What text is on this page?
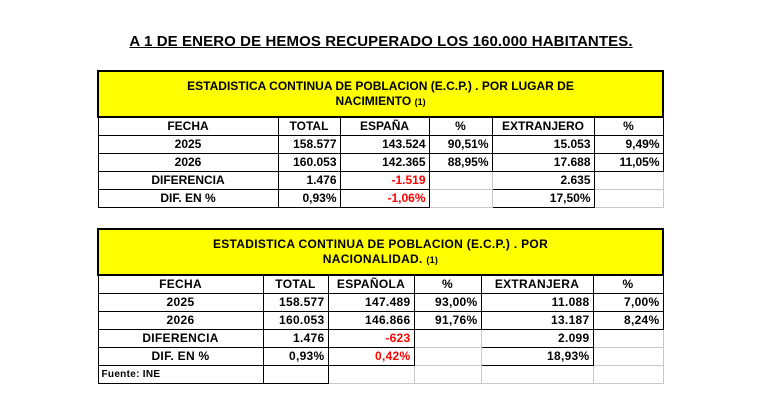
A 1 DE ENERO DE HEMOS RECUPERADO LOS 160.000 HABITANTES.
ESTADISTICA CONTINUA DE POBLACION (E.C.P.) . POR LUGAR DE
NACIMIENTO (1)					
FECHA	TOTAL	ESPAÑA	%	EXTRANJERO	%
2025	158.577	143.524	90,51%	15.053	9,49%
2026	160.053	142.365	88,95%	17.688	11,05%
DIFERENCIA	1.476	-1.519		2.635	
DIF. EN %	0,93%	-1,06%		17,50%	
ESTADISTICA CONTINUA DE POBLACION (E.C.P.) . POR
NACIONALIDAD. (1)					
FECHA	TOTAL	ESPAÑOLA	%	EXTRANJERA	%
2025	158.577	147.489	93,00%	11.088	7,00%
2026	160.053	146.866	91,76%	13.187	8,24%
DIFERENCIA	1.476	-623		2.099	
DIF. EN %	0,93%	0,42%		18,93%	
Fuente: INE					
